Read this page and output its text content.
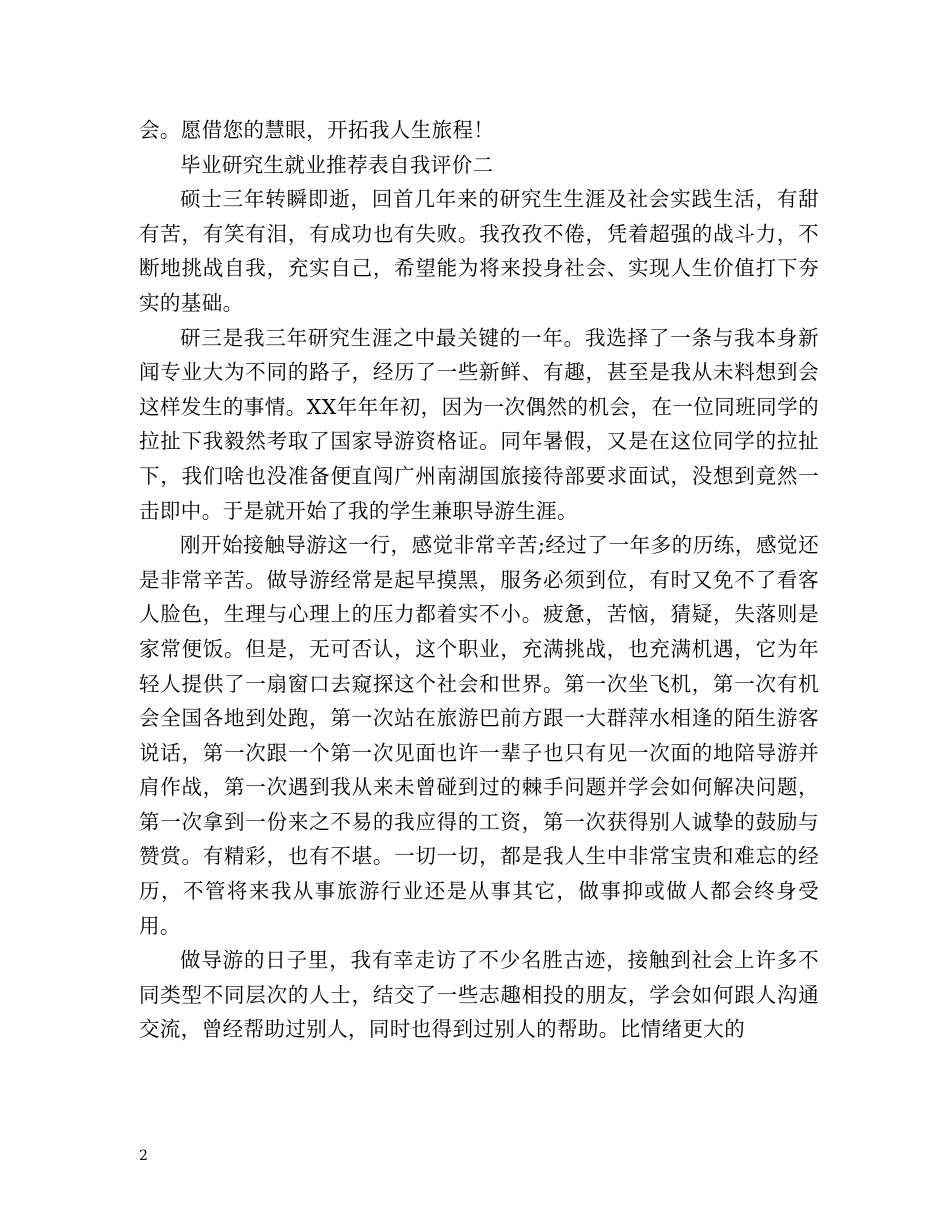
会。愿借您的慧眼，开拓我人生旅程！

毕业研究生就业推荐表自我评价二

硕士三年转瞬即逝，回首几年来的研究生生涯及社会实践生活，有甜有苦，有笑有泪，有成功也有失败。我孜孜不倦，凭着超强的战斗力，不断地挑战自我，充实自己，希望能为将来投身社会、实现人生价值打下夯实的基础。

研三是我三年研究生涯之中最关键的一年。我选择了一条与我本身新闻专业大为不同的路子，经历了一些新鲜、有趣，甚至是我从未料想到会这样发生的事情。XX年年年初，因为一次偶然的机会，在一位同班同学的拉扯下我毅然考取了国家导游资格证。同年暑假，又是在这位同学的拉扯下，我们啥也没准备便直闯广州南湖国旅接待部要求面试，没想到竟然一击即中。于是就开始了我的学生兼职导游生涯。

刚开始接触导游这一行，感觉非常辛苦;经过了一年多的历练，感觉还是非常辛苦。做导游经常是起早摸黑，服务必须到位，有时又免不了看客人脸色，生理与心理上的压力都着实不小。疲惫，苦恼，猜疑，失落则是家常便饭。但是，无可否认，这个职业，充满挑战，也充满机遇，它为年轻人提供了一扇窗口去窥探这个社会和世界。第一次坐飞机，第一次有机会全国各地到处跑，第一次站在旅游巴前方跟一大群萍水相逢的陌生游客说话，第一次跟一个第一次见面也许一辈子也只有见一次面的地陪导游并肩作战，第一次遇到我从来未曾碰到过的棘手问题并学会如何解决问题，第一次拿到一份来之不易的我应得的工资，第一次获得别人诚挚的鼓励与赞赏。有精彩，也有不堪。一切一切，都是我人生中非常宝贵和难忘的经历，不管将来我从事旅游行业还是从事其它，做事抑或做人都会终身受用。

做导游的日子里，我有幸走访了不少名胜古迹，接触到社会上许多不同类型不同层次的人士，结交了一些志趣相投的朋友，学会如何跟人沟通交流，曾经帮助过别人，同时也得到过别人的帮助。比情绪更大的

2
